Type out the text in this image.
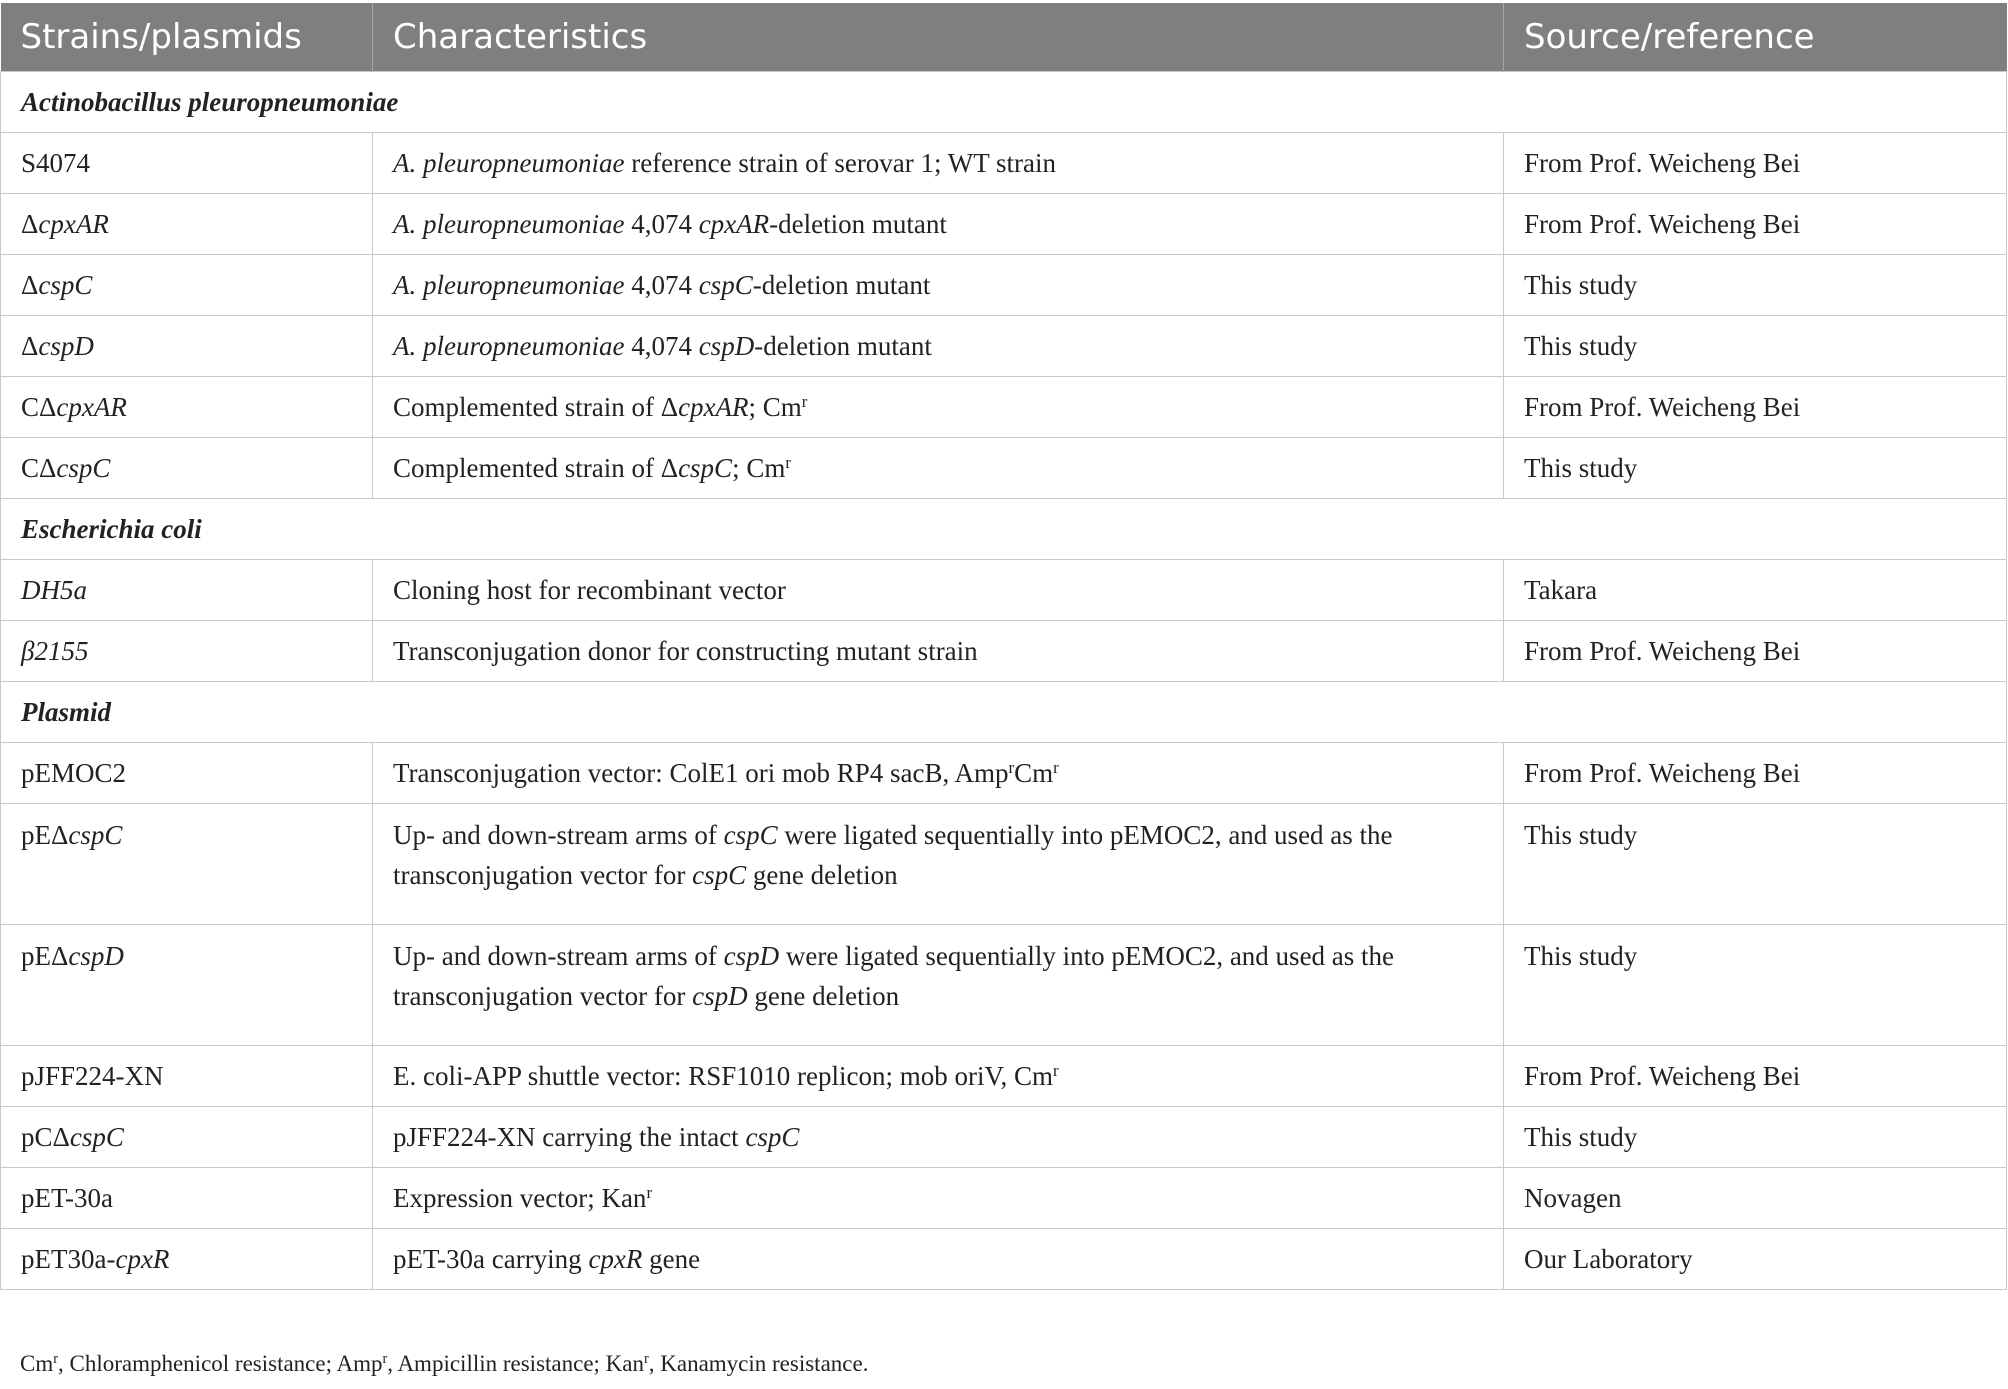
Strains/plasmids	Characteristics	Source/reference
Actinobacillus pleuropneumoniae		
S4074	A. pleuropneumoniae reference strain of serovar 1; WT strain	From Prof. Weicheng Bei
ΔcpxAR	A. pleuropneumoniae 4,074 cpxAR-deletion mutant	From Prof. Weicheng Bei
ΔcspC	A. pleuropneumoniae 4,074 cspC-deletion mutant	This study
ΔcspD	A. pleuropneumoniae 4,074 cspD-deletion mutant	This study
CΔcpxAR	Complemented strain of ΔcpxAR; Cm$^r$	From Prof. Weicheng Bei
CΔcspC	Complemented strain of ΔcspC; Cm$^r$	This study
Escherichia coli		
DH5a	Cloning host for recombinant vector	Takara
β2155	Transconjugation donor for constructing mutant strain	From Prof. Weicheng Bei
Plasmid		
pEMOC2	Transconjugation vector: ColE1 ori mob RP4 sacB, Amp$^r$Cm$^r$	From Prof. Weicheng Bei
pEΔcspC	Up- and down-stream arms of cspC were ligated sequentially into pEMOC2, and used as the transconjugation vector for cspC gene deletion	This study
pEΔcspD	Up- and down-stream arms of cspD were ligated sequentially into pEMOC2, and used as the transconjugation vector for cspD gene deletion	This study
pJFF224-XN	E. coli-APP shuttle vector: RSF1010 replicon; mob oriV, Cm$^r$	From Prof. Weicheng Bei
pCΔcspC	pJFF224-XN carrying the intact cspC	This study
pET-30a	Expression vector; Kan$^r$	Novagen
pET30a-cpxR	pET-30a carrying cpxR gene	Our Laboratory
Cm$^r$, Chloramphenicol resistance; Amp$^r$, Ampicillin resistance; Kan$^r$, Kanamycin resistance.
